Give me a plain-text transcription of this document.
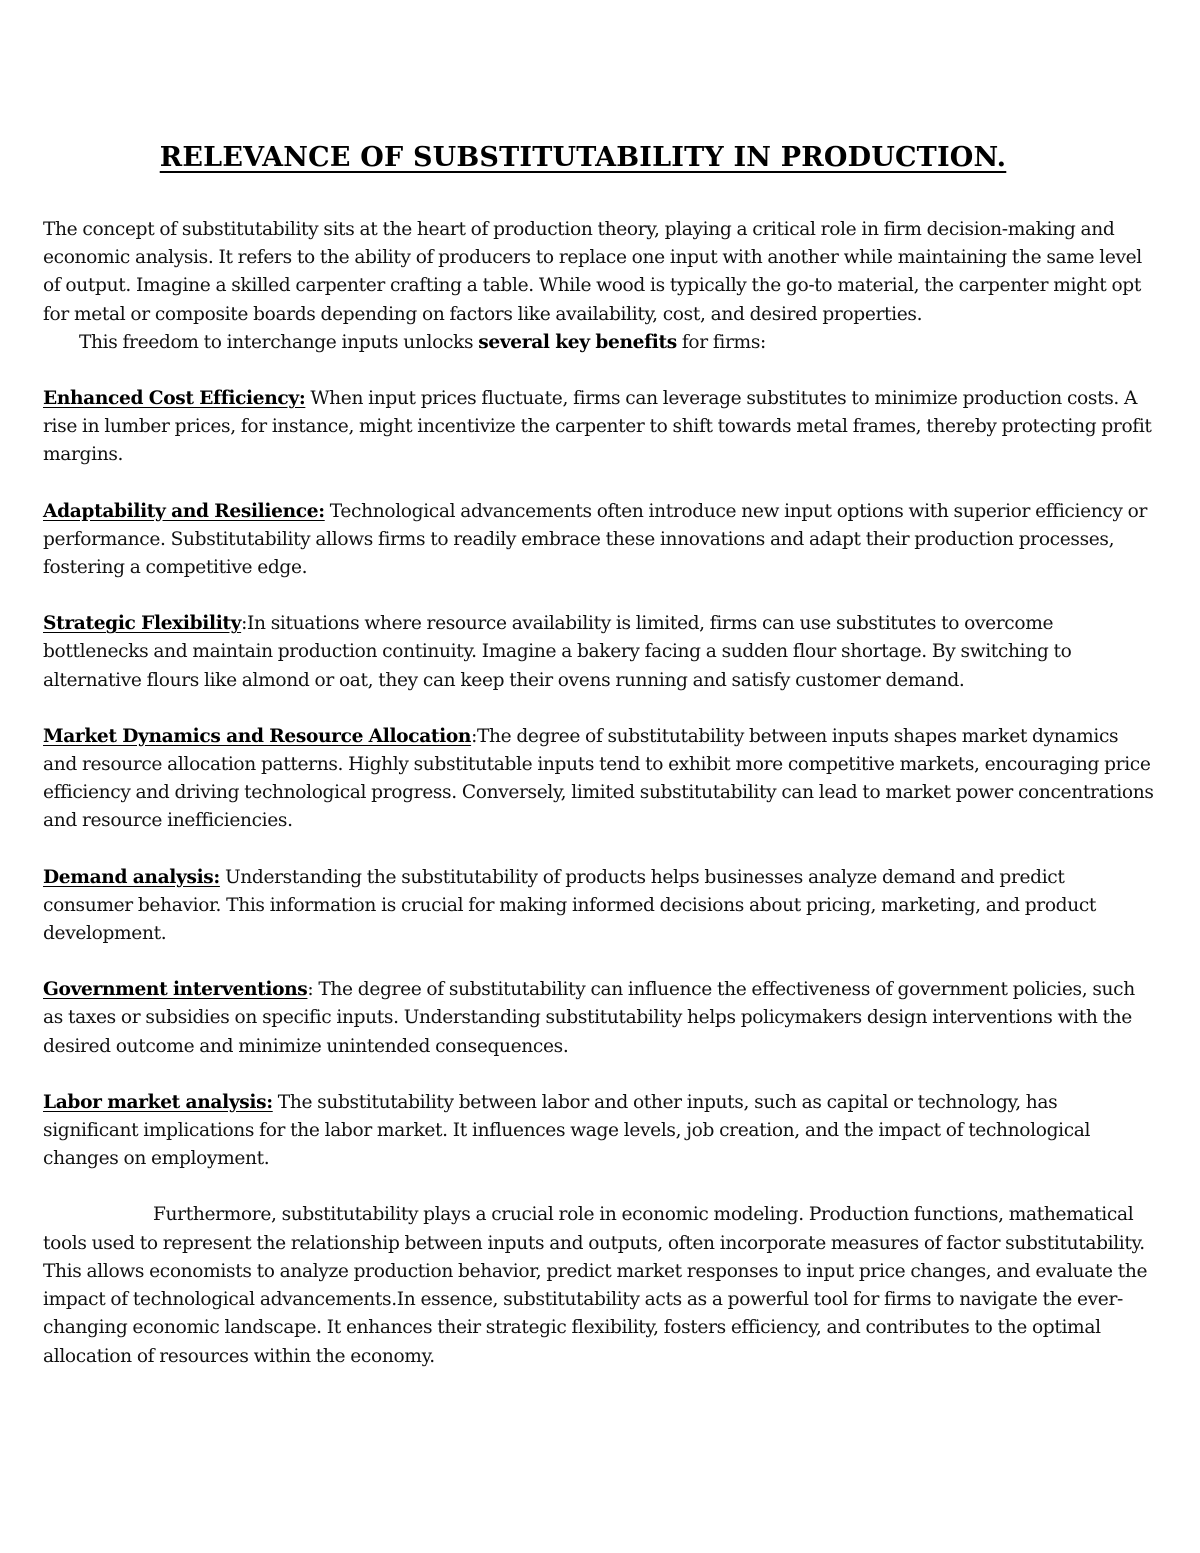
RELEVANCE OF SUBSTITUTABILITY IN PRODUCTION.

The concept of substitutability sits at the heart of production theory, playing a critical role in firm decision-making and economic analysis. It refers to the ability of producers to replace one input with another while maintaining the same level of output. Imagine a skilled carpenter crafting a table. While wood is typically the go-to material, the carpenter might opt for metal or composite boards depending on factors like availability, cost, and desired properties.

This freedom to interchange inputs unlocks several key benefits for firms:

Enhanced Cost Efficiency: When input prices fluctuate, firms can leverage substitutes to minimize production costs. A rise in lumber prices, for instance, might incentivize the carpenter to shift towards metal frames, thereby protecting profit margins.

Adaptability and Resilience: Technological advancements often introduce new input options with superior efficiency or performance. Substitutability allows firms to readily embrace these innovations and adapt their production processes, fostering a competitive edge.

Strategic Flexibility:In situations where resource availability is limited, firms can use substitutes to overcome bottlenecks and maintain production continuity. Imagine a bakery facing a sudden flour shortage. By switching to alternative flours like almond or oat, they can keep their ovens running and satisfy customer demand.

Market Dynamics and Resource Allocation:The degree of substitutability between inputs shapes market dynamics and resource allocation patterns. Highly substitutable inputs tend to exhibit more competitive markets, encouraging price efficiency and driving technological progress. Conversely, limited substitutability can lead to market power concentrations and resource inefficiencies.

Demand analysis: Understanding the substitutability of products helps businesses analyze demand and predict consumer behavior. This information is crucial for making informed decisions about pricing, marketing, and product development.

Government interventions: The degree of substitutability can influence the effectiveness of government policies, such as taxes or subsidies on specific inputs. Understanding substitutability helps policymakers design interventions with the desired outcome and minimize unintended consequences.

Labor market analysis: The substitutability between labor and other inputs, such as capital or technology, has significant implications for the labor market. It influences wage levels, job creation, and the impact of technological changes on employment.

Furthermore, substitutability plays a crucial role in economic modeling. Production functions, mathematical tools used to represent the relationship between inputs and outputs, often incorporate measures of factor substitutability. This allows economists to analyze production behavior, predict market responses to input price changes, and evaluate the impact of technological advancements.In essence, substitutability acts as a powerful tool for firms to navigate the ever-changing economic landscape. It enhances their strategic flexibility, fosters efficiency, and contributes to the optimal allocation of resources within the economy.
